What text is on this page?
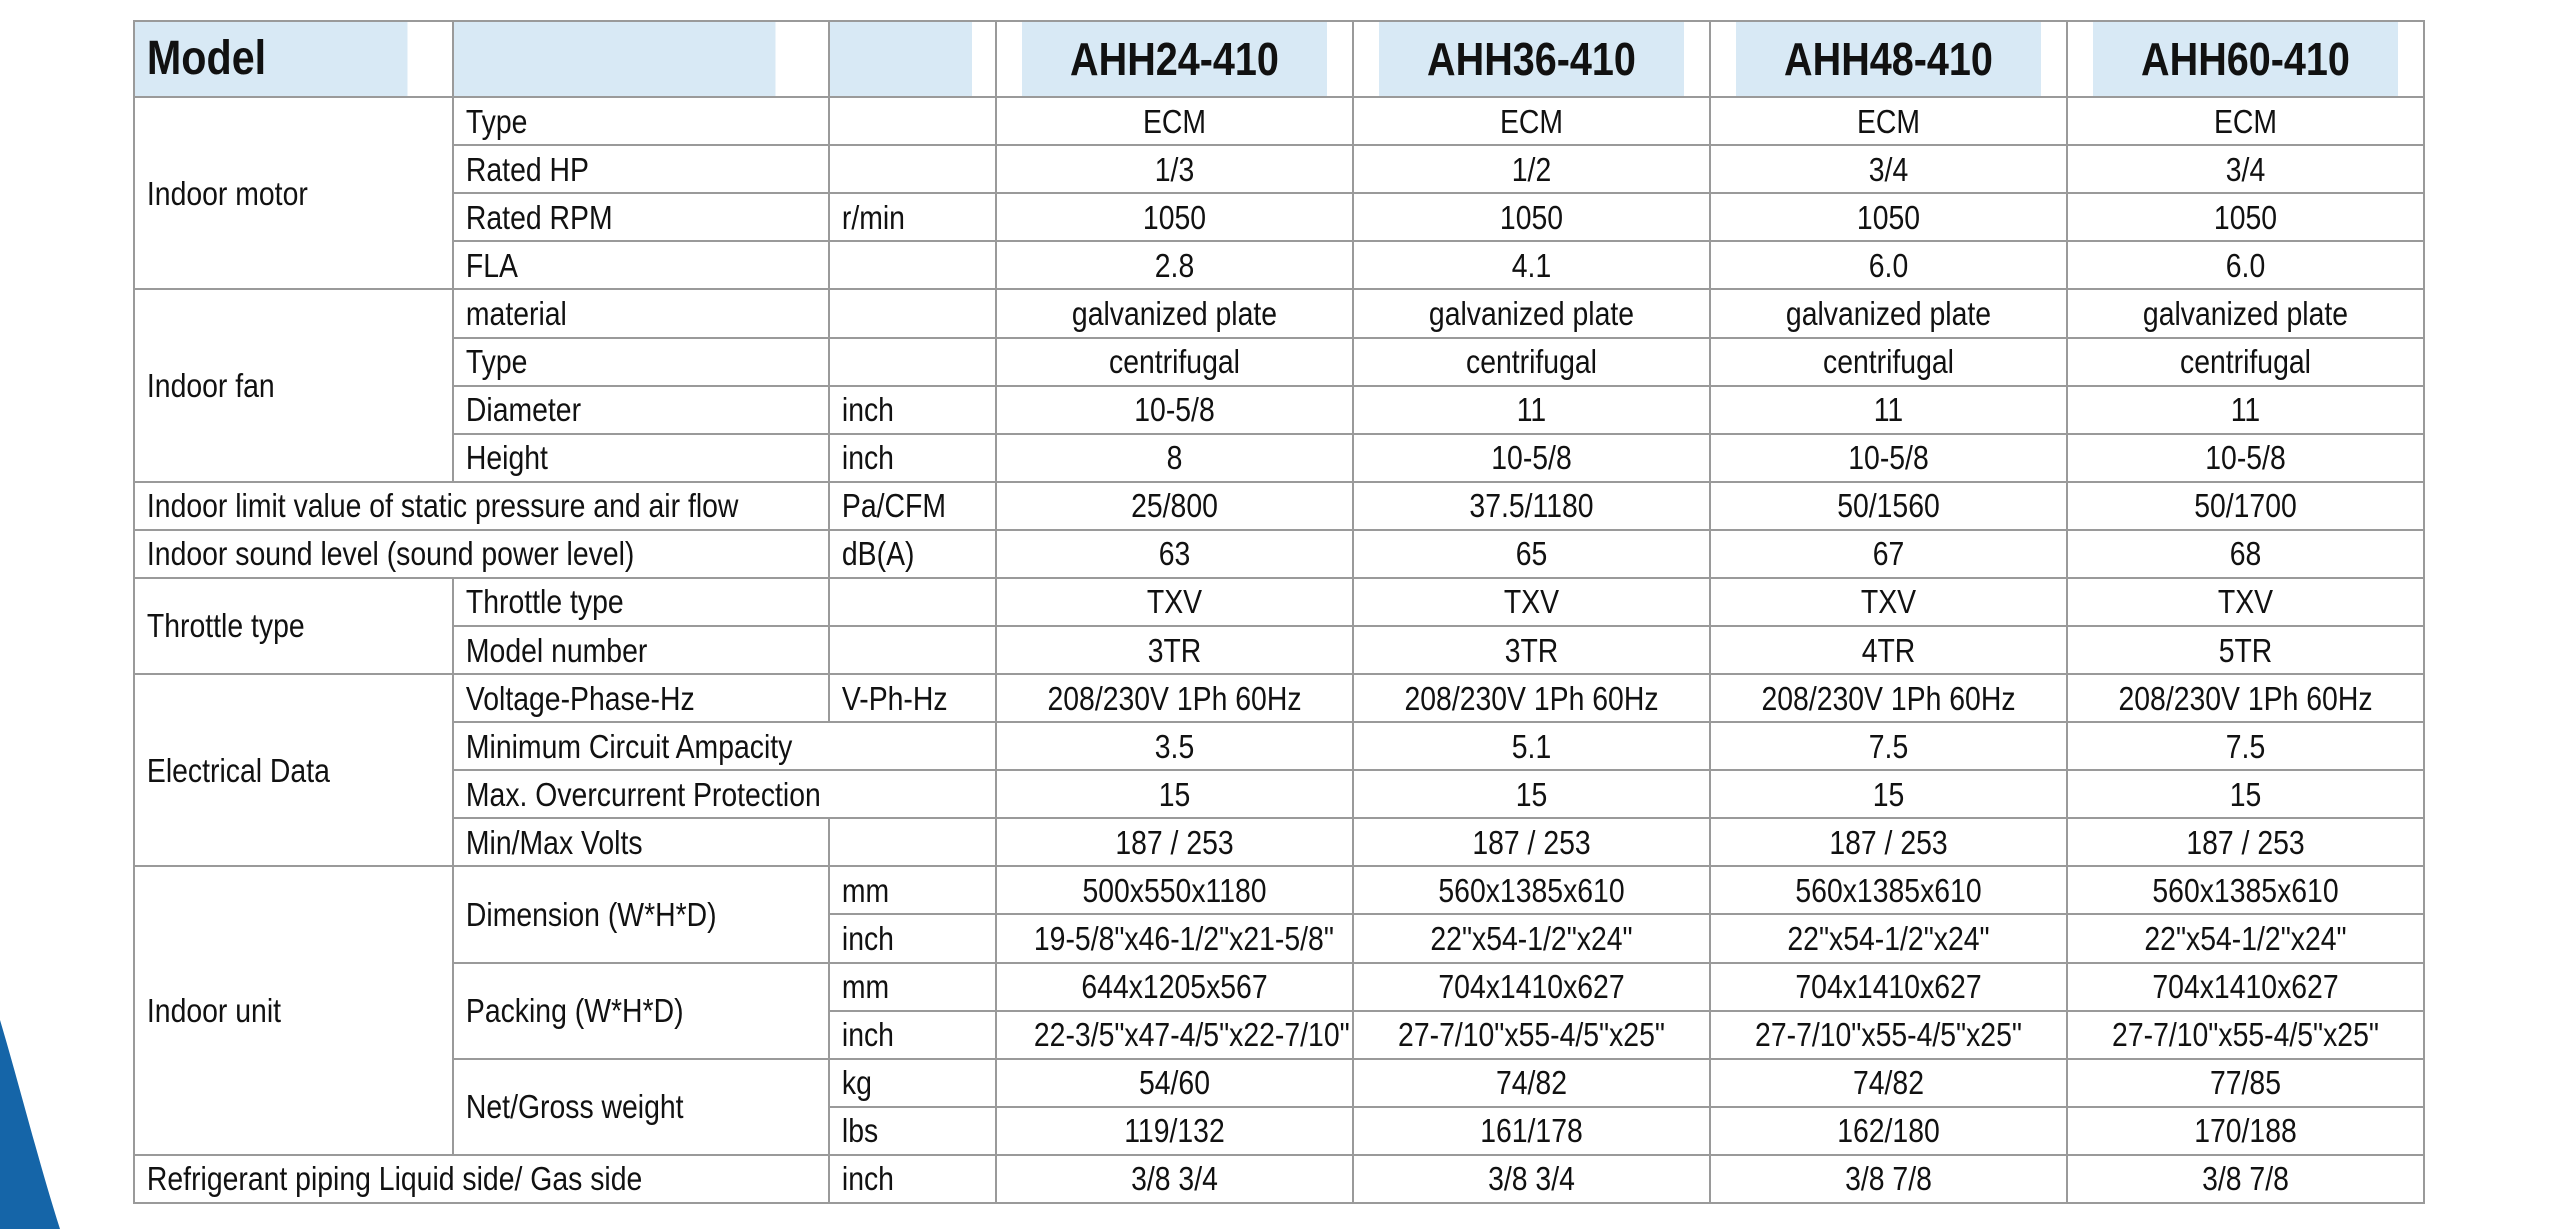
Model			AHH24-410	AHH36-410	AHH48-410	AHH60-410
Indoor motor	Type		ECM	ECM	ECM	ECM
	Rated HP		1/3	1/2	3/4	3/4
	Rated RPM	r/min	1050	1050	1050	1050
	FLA		2.8	4.1	6.0	6.0
Indoor fan	material		galvanized plate	galvanized plate	galvanized plate	galvanized plate
	Type		centrifugal	centrifugal	centrifugal	centrifugal
	Diameter	inch	10-5/8	11	11	11
	Height	inch	8	10-5/8	10-5/8	10-5/8
Indoor limit value of static pressure and air flow		Pa/CFM	25/800	37.5/1180	50/1560	50/1700
Indoor sound level (sound power level)		dB(A)	63	65	67	68
Throttle type	Throttle type		TXV	TXV	TXV	TXV
	Model number		3TR	3TR	4TR	5TR
Electrical Data	Voltage-Phase-Hz	V-Ph-Hz	208/230V 1Ph 60Hz	208/230V 1Ph 60Hz	208/230V 1Ph 60Hz	208/230V 1Ph 60Hz
	Minimum Circuit Ampacity		3.5	5.1	7.5	7.5
	Max. Overcurrent Protection		15	15	15	15
	Min/Max Volts		187 / 253	187 / 253	187 / 253	187 / 253
Indoor unit	Dimension (W*H*D)	mm	500x550x1180	560x1385x610	560x1385x610	560x1385x610
		inch	19-5/8"x46-1/2"x21-5/8"	22"x54-1/2"x24"	22"x54-1/2"x24"	22"x54-1/2"x24"
	Packing (W*H*D)	mm	644x1205x567	704x1410x627	704x1410x627	704x1410x627
		inch	22-3/5"x47-4/5"x22-7/10"	27-7/10"x55-4/5"x25"	27-7/10"x55-4/5"x25"	27-7/10"x55-4/5"x25"
	Net/Gross weight	kg	54/60	74/82	74/82	77/85
		lbs	119/132	161/178	162/180	170/188
Refrigerant piping Liquid side/ Gas side		inch	3/8 3/4	3/8 3/4	3/8 7/8	3/8 7/8
